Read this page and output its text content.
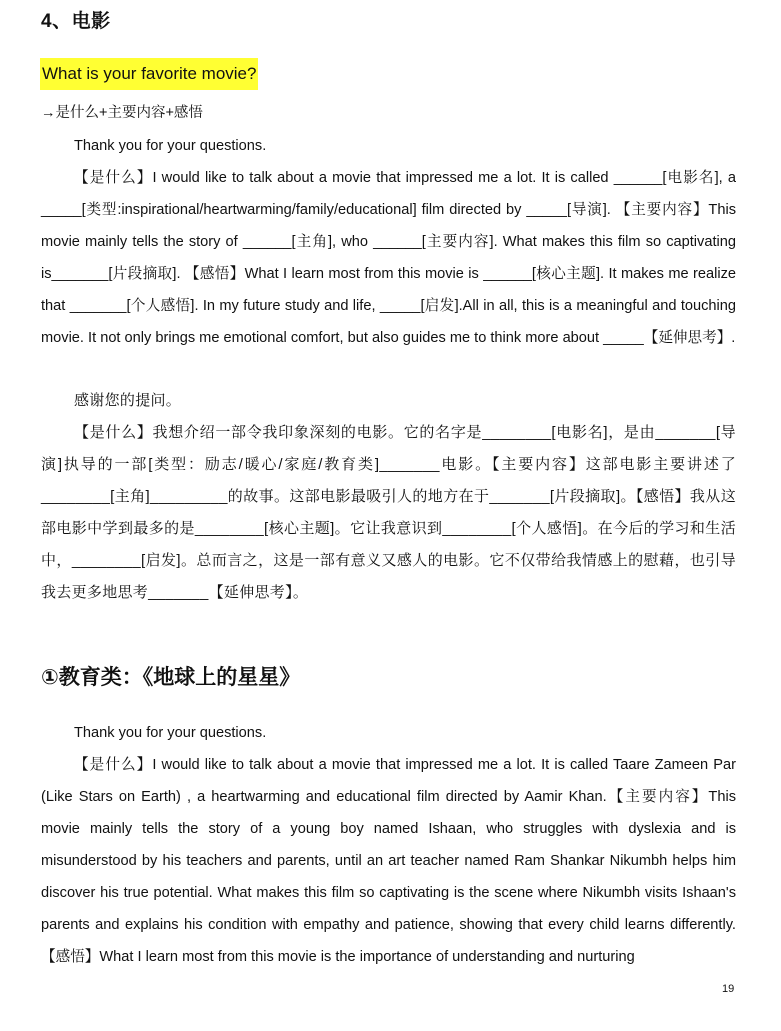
4、电影

What is your favorite movie?

→是什么+主要内容+感悟

Thank you for your questions.

【是什么】I would like to talk about a movie that impressed me a lot. It is called ______[电影名], a _____[类型:inspirational/heartwarming/family/educational] film directed by _____[导演]. 【主要内容】This movie mainly tells the story of ______[主角], who ______[主要内容]. What makes this film so captivating is_______[片段摘取]. 【感悟】What I learn most from this movie is ______[核心主题]. It makes me realize that _______[个人感悟]. In my future study and life, _____[启发].All in all, this is a meaningful and touching movie. It not only brings me emotional comfort, but also guides me to think more about _____【延伸思考】.

感谢您的提问。

【是什么】我想介绍一部令我印象深刻的电影。它的名字是________[电影名]，是由_______[导演]执导的一部[类型：励志/暖心/家庭/教育类]_______电影。【主要内容】这部电影主要讲述了________[主角]_________的故事。这部电影最吸引人的地方在于_______[片段摘取]。【感悟】我从这部电影中学到最多的是________[核心主题]。它让我意识到________[个人感悟]。在今后的学习和生活中，________[启发]。总而言之，这是一部有意义又感人的电影。它不仅带给我情感上的慰藉，也引导我去更多地思考_______【延伸思考】。

①教育类：《地球上的星星》

Thank you for your questions.

【是什么】I would like to talk about a movie that impressed me a lot. It is called Taare Zameen Par (Like Stars on Earth) , a heartwarming and educational film directed by Aamir Khan.【主要内容】This movie mainly tells the story of a young boy named Ishaan, who struggles with dyslexia and is misunderstood by his teachers and parents, until an art teacher named Ram Shankar Nikumbh helps him discover his true potential. What makes this film so captivating is the scene where Nikumbh visits Ishaan's parents and explains his condition with empathy and patience, showing that every child learns differently.【感悟】What I learn most from this movie is the importance of understanding and nurturing

19
